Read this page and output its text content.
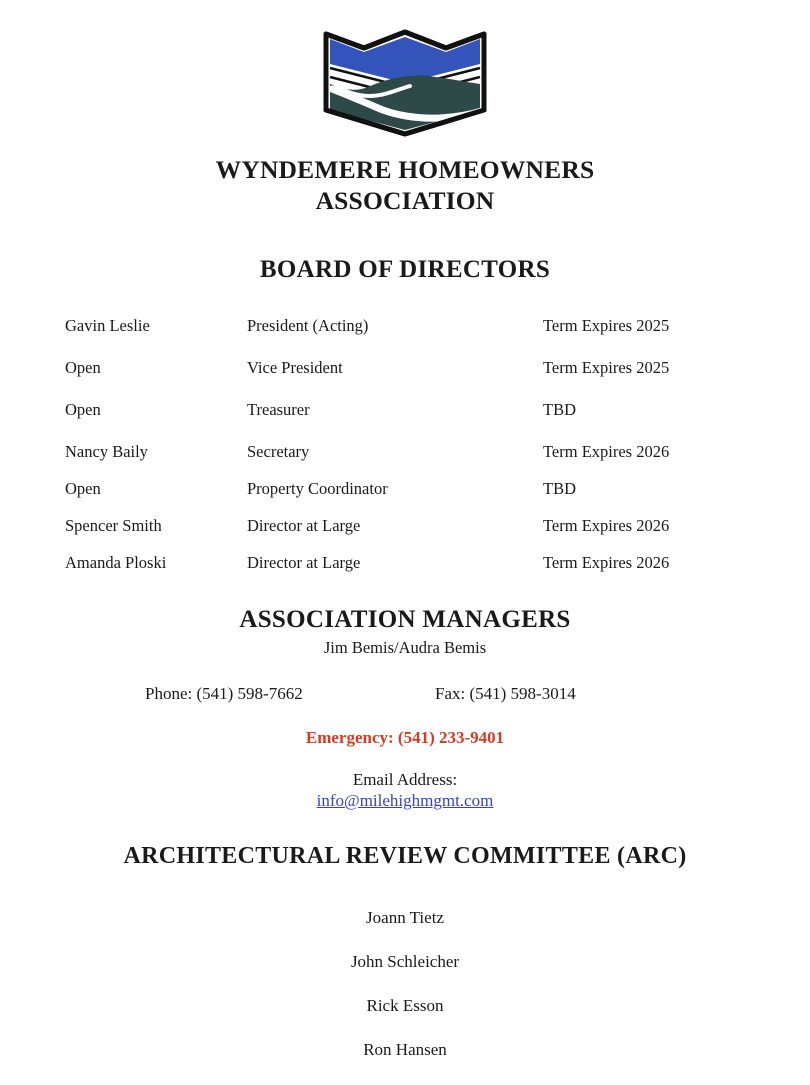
WYNDEMERE HOMEOWNERS
ASSOCIATION
BOARD OF DIRECTORS
Gavin Leslie	President (Acting)	Term Expires 2025
Open	Vice President	Term Expires 2025
Open	Treasurer	TBD
Nancy Baily	Secretary	Term Expires 2026
Open	Property Coordinator	TBD
Spencer Smith	Director at Large	Term Expires 2026
Amanda Ploski	Director at Large	Term Expires 2026
ASSOCIATION MANAGERS
Jim Bemis/Audra Bemis
Phone: (541) 598-7662	Fax: (541) 598-3014
Emergency: (541) 233-9401
Email Address:
info@milehighmgmt.com
ARCHITECTURAL REVIEW COMMITTEE (ARC)
Joann Tietz
John Schleicher
Rick Esson
Ron Hansen
